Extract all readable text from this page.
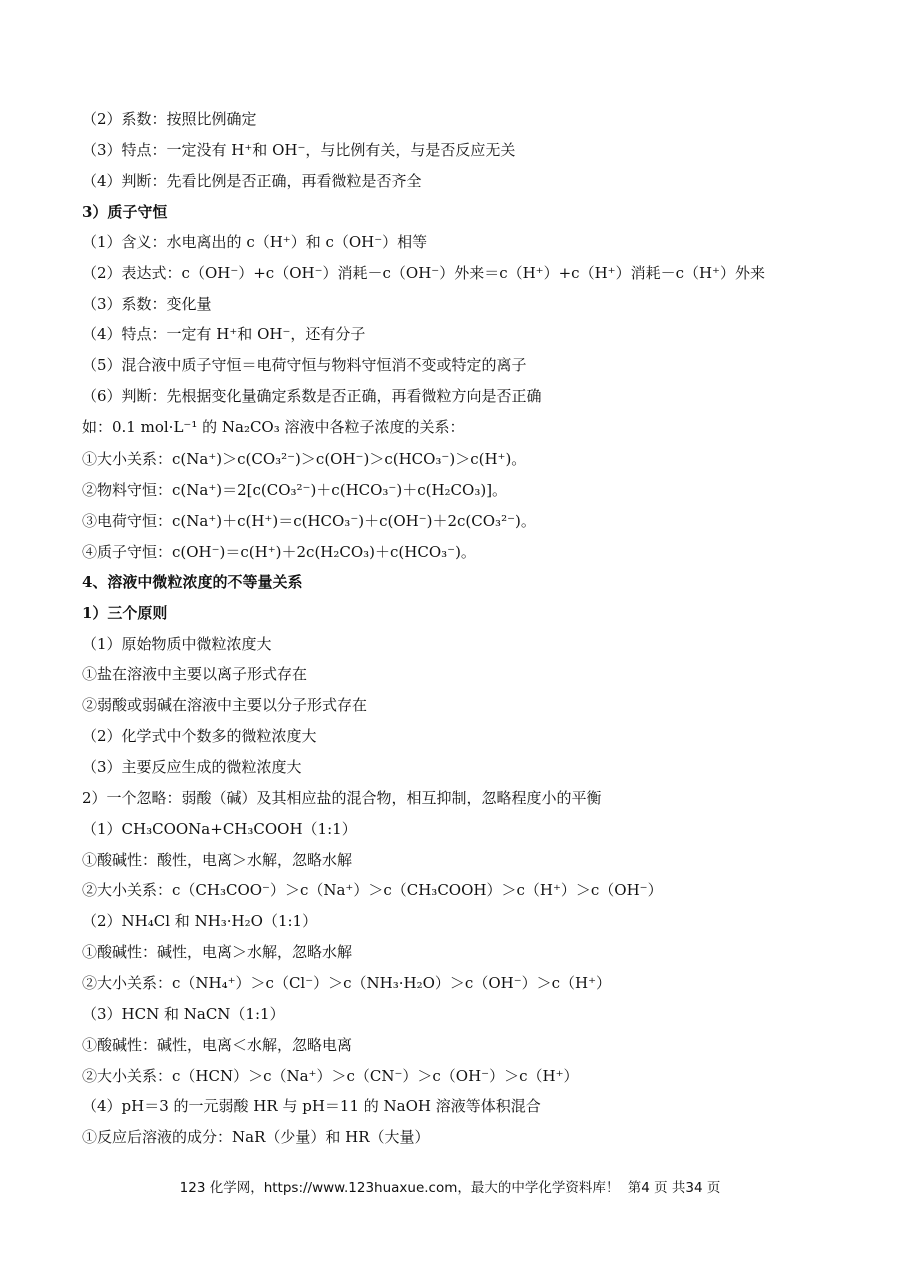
（2）系数：按照比例确定
（3）特点：一定没有 H⁺和 OH⁻，与比例有关，与是否反应无关
（4）判断：先看比例是否正确，再看微粒是否齐全
3）质子守恒
（1）含义：水电离出的 c（H⁺）和 c（OH⁻）相等
（2）表达式：c（OH⁻）+c（OH⁻）消耗－c（OH⁻）外来＝c（H⁺）+c（H⁺）消耗－c（H⁺）外来
（3）系数：变化量
（4）特点：一定有 H⁺和 OH⁻，还有分子
（5）混合液中质子守恒＝电荷守恒与物料守恒消不变或特定的离子
（6）判断：先根据变化量确定系数是否正确，再看微粒方向是否正确
如：0.1 mol·L⁻¹ 的 Na₂CO₃ 溶液中各粒子浓度的关系：
①大小关系：c(Na⁺)＞c(CO₃²⁻)＞c(OH⁻)＞c(HCO₃⁻)＞c(H⁺)。
②物料守恒：c(Na⁺)＝2[c(CO₃²⁻)＋c(HCO₃⁻)＋c(H₂CO₃)]。
③电荷守恒：c(Na⁺)＋c(H⁺)＝c(HCO₃⁻)＋c(OH⁻)＋2c(CO₃²⁻)。
④质子守恒：c(OH⁻)＝c(H⁺)＋2c(H₂CO₃)＋c(HCO₃⁻)。
4、溶液中微粒浓度的不等量关系
1）三个原则
（1）原始物质中微粒浓度大
①盐在溶液中主要以离子形式存在
②弱酸或弱碱在溶液中主要以分子形式存在
（2）化学式中个数多的微粒浓度大
（3）主要反应生成的微粒浓度大
2）一个忽略：弱酸（碱）及其相应盐的混合物，相互抑制，忽略程度小的平衡
（1）CH₃COONa+CH₃COOH（1:1）
①酸碱性：酸性，电离＞水解，忽略水解
②大小关系：c（CH₃COO⁻）＞c（Na⁺）＞c（CH₃COOH）＞c（H⁺）＞c（OH⁻）
（2）NH₄Cl 和 NH₃·H₂O（1:1）
①酸碱性：碱性，电离＞水解，忽略水解
②大小关系：c（NH₄⁺）＞c（Cl⁻）＞c（NH₃·H₂O）＞c（OH⁻）＞c（H⁺）
（3）HCN 和 NaCN（1:1）
①酸碱性：碱性，电离＜水解，忽略电离
②大小关系：c（HCN）＞c（Na⁺）＞c（CN⁻）＞c（OH⁻）＞c（H⁺）
（4）pH＝3 的一元弱酸 HR 与 pH＝11 的 NaOH 溶液等体积混合
①反应后溶液的成分：NaR（少量）和 HR（大量）
123 化学网，https://www.123huaxue.com，最大的中学化学资料库！ 第4 页 共34 页
